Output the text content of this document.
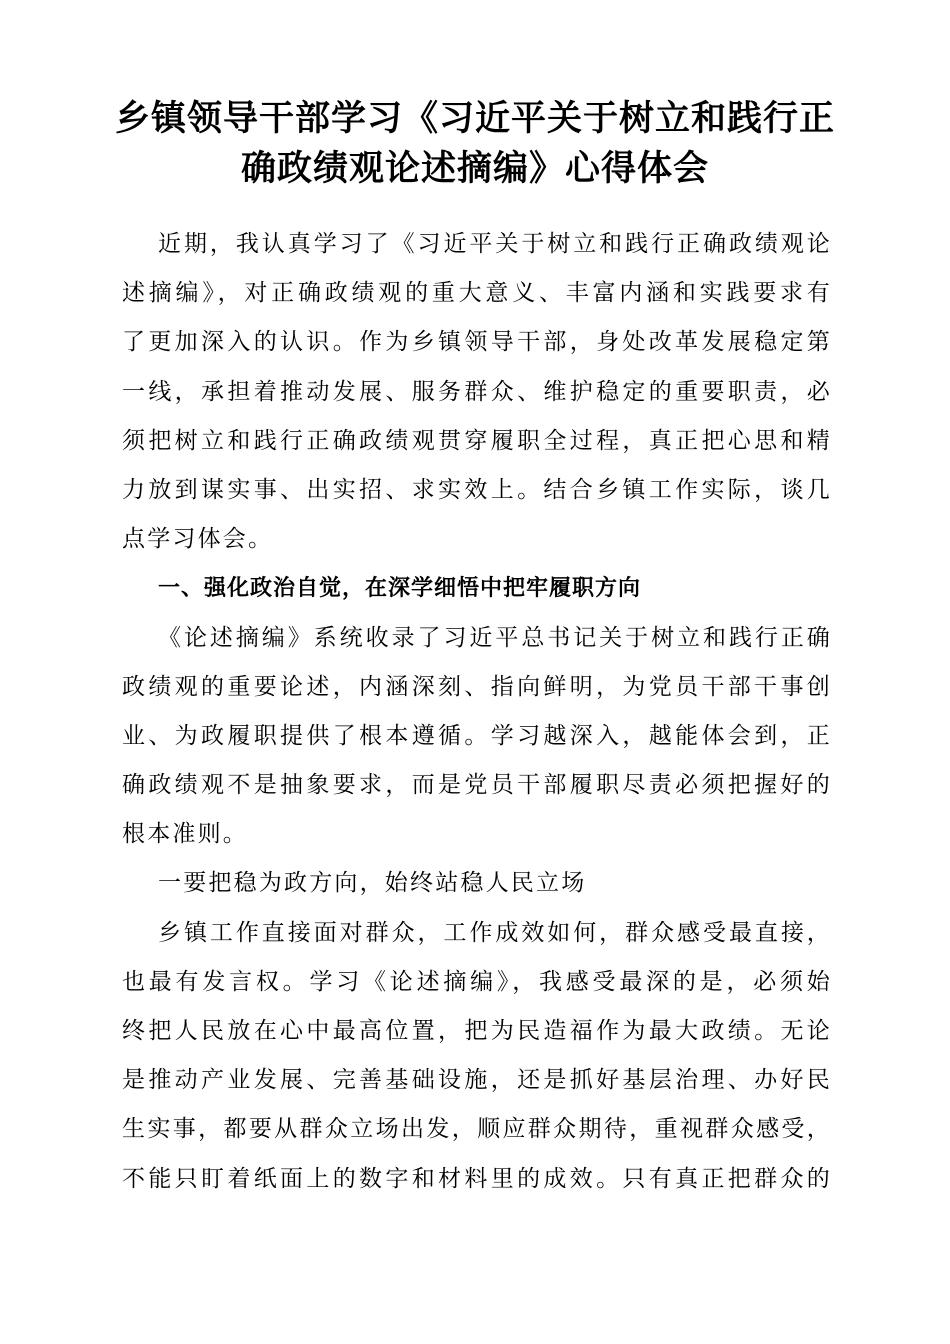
乡镇领导干部学习《习近平关于树立和践行正
确政绩观论述摘编》心得体会
近期，我认真学习了《习近平关于树立和践行正确政绩观论
述摘编》，对正确政绩观的重大意义、丰富内涵和实践要求有
了更加深入的认识。作为乡镇领导干部，身处改革发展稳定第
一线，承担着推动发展、服务群众、维护稳定的重要职责，必
须把树立和践行正确政绩观贯穿履职全过程，真正把心思和精
力放到谋实事、出实招、求实效上。结合乡镇工作实际，谈几
点学习体会。
一、强化政治自觉，在深学细悟中把牢履职方向
《论述摘编》系统收录了习近平总书记关于树立和践行正确
政绩观的重要论述，内涵深刻、指向鲜明，为党员干部干事创
业、为政履职提供了根本遵循。学习越深入，越能体会到，正
确政绩观不是抽象要求，而是党员干部履职尽责必须把握好的
根本准则。
一要把稳为政方向，始终站稳人民立场
乡镇工作直接面对群众，工作成效如何，群众感受最直接，
也最有发言权。学习《论述摘编》，我感受最深的是，必须始
终把人民放在心中最高位置，把为民造福作为最大政绩。无论
是推动产业发展、完善基础设施，还是抓好基层治理、办好民
生实事，都要从群众立场出发，顺应群众期待，重视群众感受，
不能只盯着纸面上的数字和材料里的成效。只有真正把群众的
